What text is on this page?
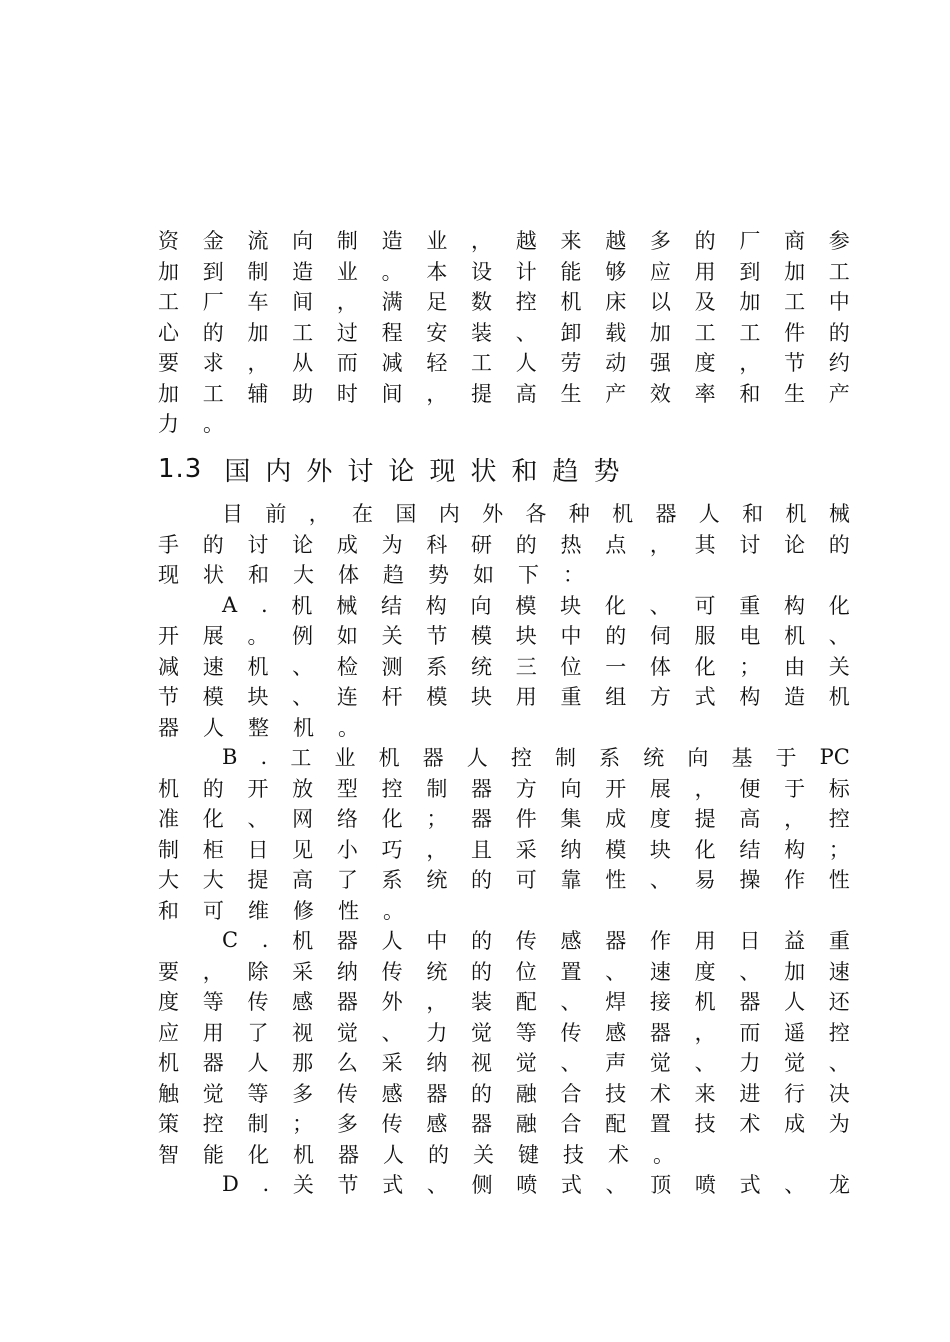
1.3 国 内 外 讨 论 现 状 和 趋 势
资 金 流 向 制 造 业 ， 越 来 越 多 的 厂 商 参
加 到 制 造 业 。 本 设 计 能 够 应 用 到 加 工
工 厂 车 间 ， 满 足 数 控 机 床 以 及 加 工 中
心 的 加 工 过 程 安 装 、 卸 载 加 工 工 件 的
要 求 ， 从 而 减 轻 工 人 劳 动 强 度 ， 节 约
加 工 辅 助 时 间 ， 提 高 生 产 效 率 和 生 产
力 。
目 前 ， 在 国 内 外 各 种 机 器 人 和 机 械
手 的 讨 论 成 为 科 研 的 热 点 ， 其 讨 论 的
现 状 和 大 体 趋 势 如 下 ：
A . 机 械 结 构 向 模 块 化 、 可 重 构 化
开 展 。 例 如 关 节 模 块 中 的 伺 服 电 机 、
减 速 机 、 检 测 系 统 三 位 一 体 化 ； 由 关
节 模 块 、 连 杆 模 块 用 重 组 方 式 构 造 机
器 人 整 机 。
B . 工 业 机 器 人 控 制 系 统 向 基 于 PC
机 的 开 放 型 控 制 器 方 向 开 展 ， 便 于 标
准 化 、 网 络 化 ； 器 件 集 成 度 提 高 ， 控
制 柜 日 见 小 巧 ， 且 采 纳 模 块 化 结 构 ；
大 大 提 高 了 系 统 的 可 靠 性 、 易 操 作 性
和 可 维 修 性 。
C . 机 器 人 中 的 传 感 器 作 用 日 益 重
要 ， 除 采 纳 传 统 的 位 置 、 速 度 、 加 速
度 等 传 感 器 外 ， 装 配 、 焊 接 机 器 人 还
应 用 了 视 觉 、 力 觉 等 传 感 器 ， 而 遥 控
机 器 人 那 么 采 纳 视 觉 、 声 觉 、 力 觉 、
触 觉 等 多 传 感 器 的 融 合 技 术 来 进 行 决
策 控 制 ； 多 传 感 器 融 合 配 置 技 术 成 为
智 能 化 机 器 人 的 关 键 技 术 。
D . 关 节 式 、 侧 喷 式 、 顶 喷 式 、 龙
